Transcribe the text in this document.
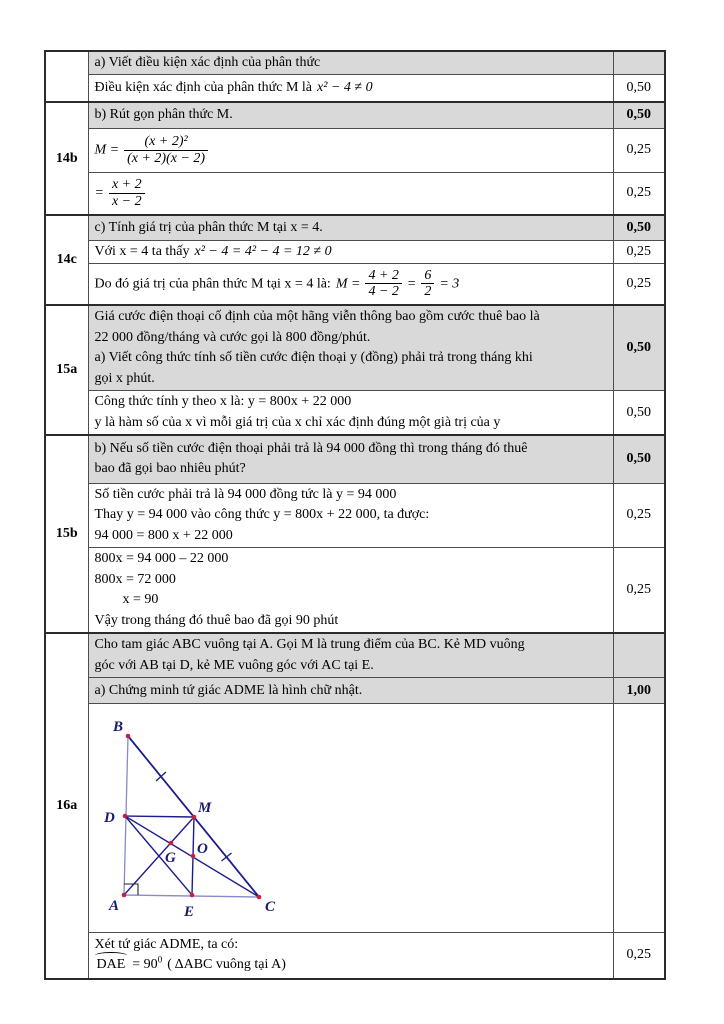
	a) Viết điều kiện xác định của phân thức	
	Điều kiện xác định của phân thức M là x² − 4 ≠ 0	0,50
14b	b) Rút gọn phân thức M.	0,50
	$M = \frac{\text{(x + 2)²}}{(x + 2)(x - 2)}$	0,25
	= $\frac{x + 2}{x - 2}$	0,25
14c	c) Tính giá trị của phân thức M tại x = 4.	0,50
	Với x = 4 ta thấy x² − 4 = 4² − 4 = 12 ≠ 0	0,25
Do đó giá trị của phân thức M tại x = 4 là: $M = \frac{4 + 2}{4 - 2} = \frac{6}{2} = 3$	0,25
15a	Giá cước điện thoại cố định của một hãng viễn thông bao gồm cước thuê bao là
22 000 đồng/tháng và cước gọi là 800 đồng/phút.
a) Viết công thức tính số tiền cước điện thoại y (đồng) phải trả trong tháng khi
gọi x phút.	0,50

	Công thức tính y theo x là: y = 800x + 22 000
y là hàm số của x vì mỗi giá trị của x chỉ xác định đúng một già trị của y	0,50
15b	b) Nếu số tiền cước điện thoại phải trả là 94 000 đồng thì trong tháng đó thuê
bao đã gọi bao nhiêu phút?	0,50

	Số tiền cước phải trả là 94 000 đồng tức là y = 94 000
Thay y = 94 000 vào công thức y = 800x + 22 000, ta được:
94 000 = 800 x + 22 000	0,25

	800x = 94 000 – 22 000
800x = 72 000
x = 90
Vậy trong tháng đó thuê bao đã gọi 90 phút	0,25
16a	Cho tam giác ABC vuông tại A. Gọi M là trung điểm của BC. Kẻ MD vuông
góc với AB tại D, kẻ ME vuông góc với AC tại E.	

	a) Chứng minh tứ giác ADME là hình chữ nhật.	1,00

B
D
M
A	E	C
G
O

	Xét tứ giác ADME, ta có:
DAE = $90^0$ ( ΔABC vuông tại A)	0,25
